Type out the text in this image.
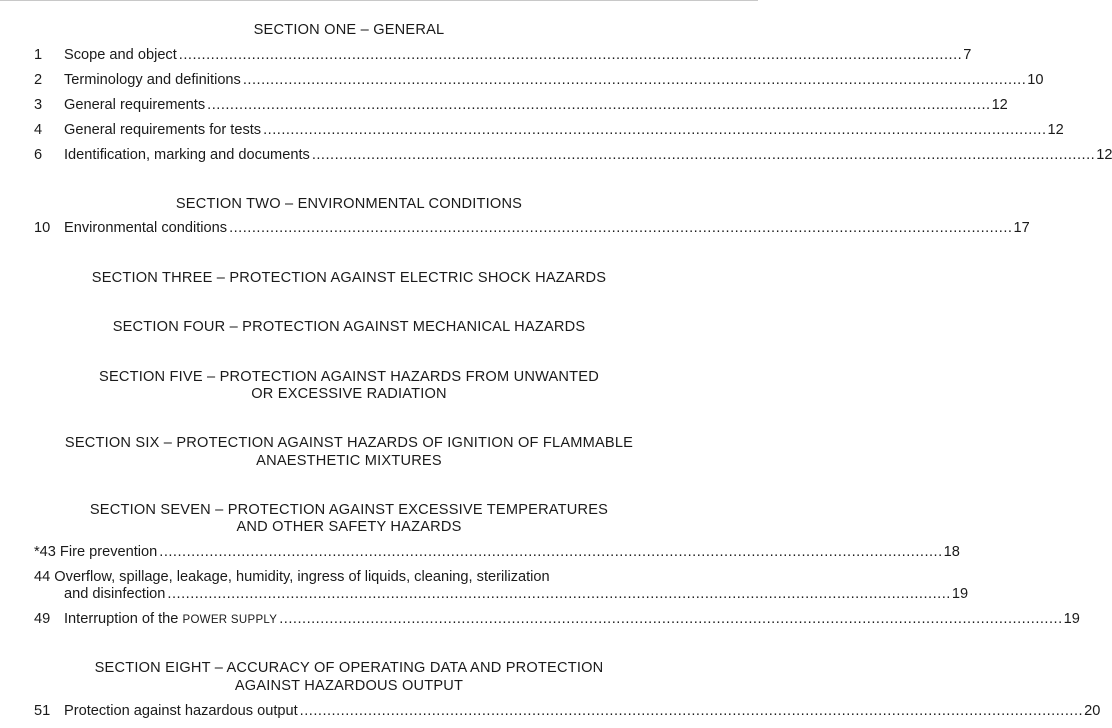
SECTION ONE – GENERAL
1	Scope and object ............................................................................................................................................................................ 7
2	Terminology and definitions ............................................................................................................................................................................ 10
3	General requirements ............................................................................................................................................................................ 12
4	General requirements for tests ............................................................................................................................................................................ 12
6	Identification, marking and documents ............................................................................................................................................................................ 12
SECTION TWO – ENVIRONMENTAL CONDITIONS
10 Environmental conditions ............................................................................................................................................................................ 17
SECTION THREE – PROTECTION AGAINST ELECTRIC SHOCK HAZARDS
SECTION FOUR – PROTECTION AGAINST MECHANICAL HAZARDS
SECTION FIVE – PROTECTION AGAINST HAZARDS FROM UNWANTED
OR EXCESSIVE RADIATION
SECTION SIX – PROTECTION AGAINST HAZARDS OF IGNITION OF FLAMMABLE
ANAESTHETIC MIXTURES
SECTION SEVEN – PROTECTION AGAINST EXCESSIVE TEMPERATURES
AND OTHER SAFETY HAZARDS
*43 Fire prevention ............................................................................................................................................................................ 18
44 Overflow, spillage, leakage, humidity, ingress of liquids, cleaning, sterilization
and disinfection ............................................................................................................................................................................ 19
49 Interruption of the POWER SUPPLY ............................................................................................................................................................................ 19
SECTION EIGHT – ACCURACY OF OPERATING DATA AND PROTECTION
AGAINST HAZARDOUS OUTPUT
51 Protection against hazardous output ............................................................................................................................................................................ 20
